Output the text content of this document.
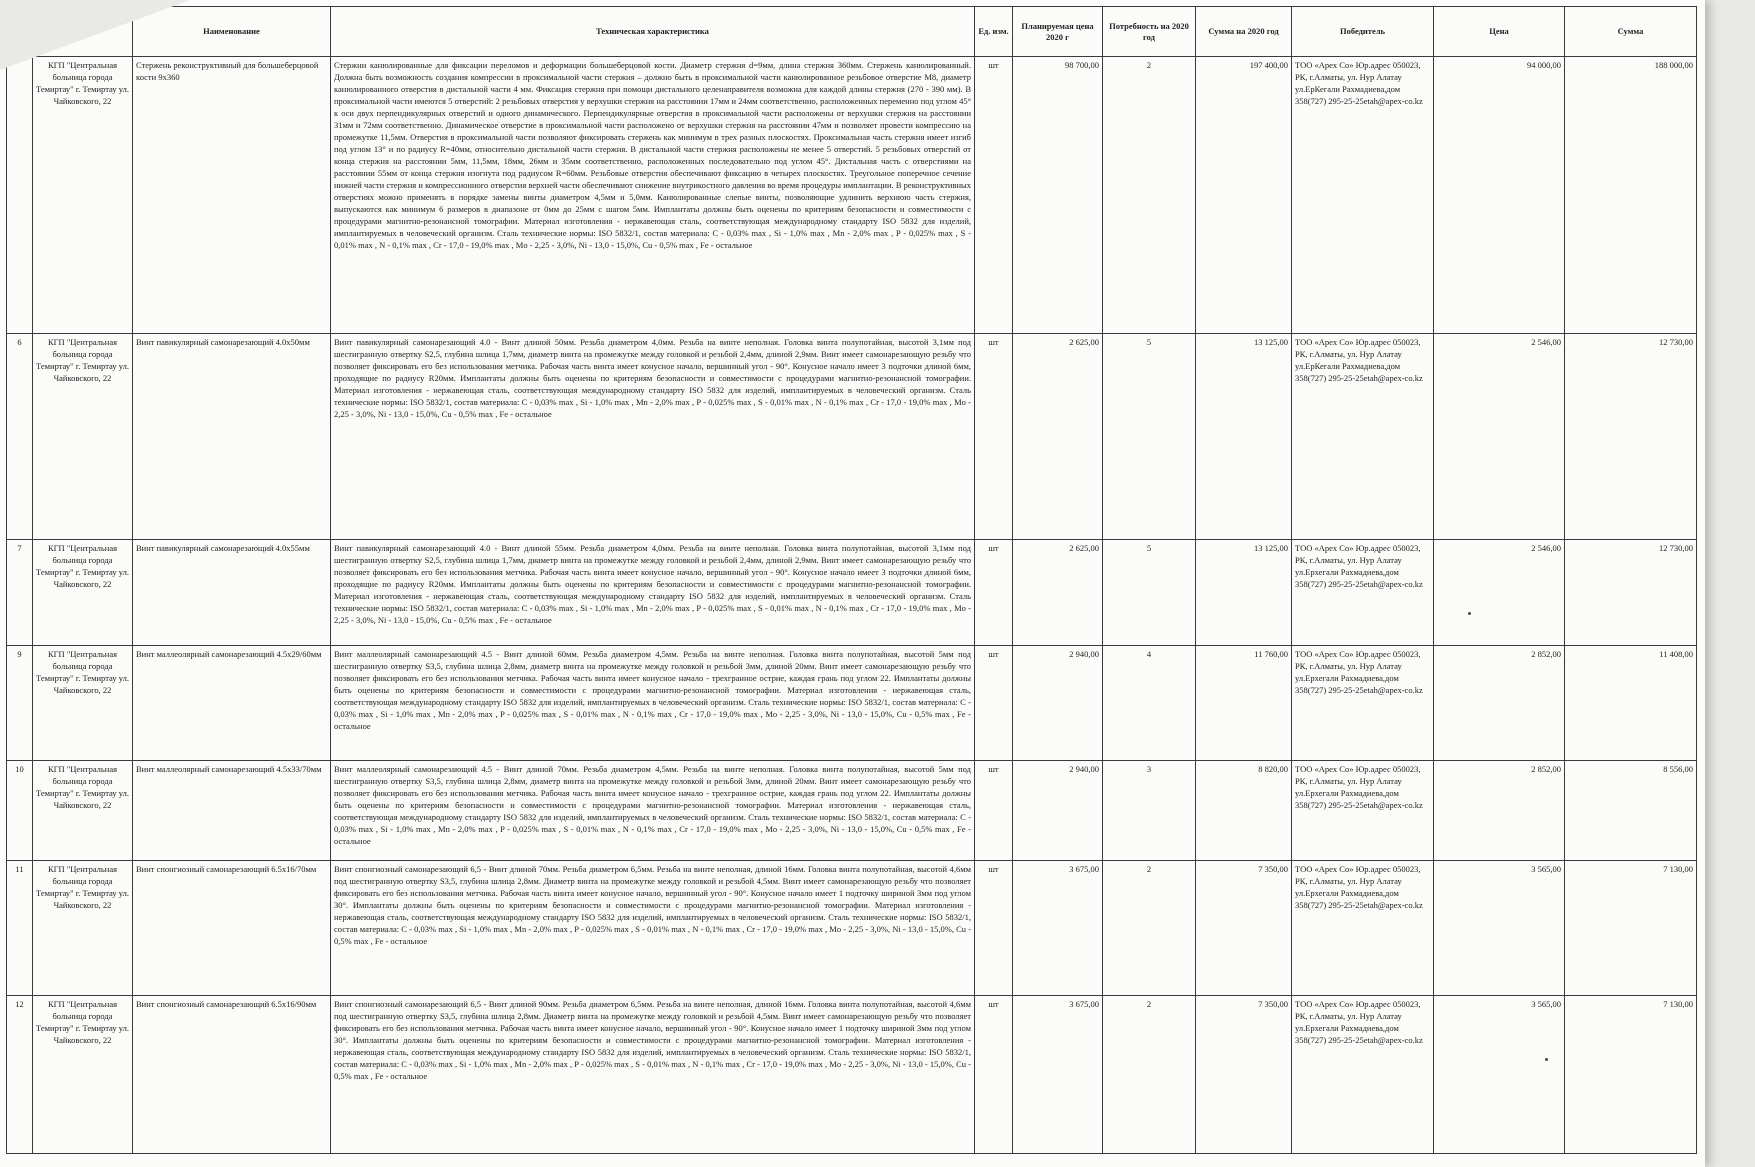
		Наименование	Техническая характеристика	Ед. изм.	Планируемая цена 2020 г	Потребность на 2020 год	Сумма на 2020 год	Победитель	Цена	Сумма
	КГП "Центральная больница города Темиртау" г. Темиртау ул. Чайковского, 22	Стержень реконструктивный для большеберцовой кости 9х360	Стержни канюлированные для фиксации переломов и деформации большеберцовой кости. Диаметр стержня d=9мм, длина стержня 360мм. Стержень канюлированный. Должна быть возможность создания компрессии в проксимальной части стержня – должно быть в проксимальной части канюлированное резьбовое отверстие М8, диаметр канюлированного отверстия в дистальной части 4 мм. Фиксация стержня при помощи дистального целенаправителя возможна для каждой длины стержня (270 - 390 мм). В проксимальной части имеются 5 отверстий: 2 резьбовых отверстия у верхушки стержня на расстоянии 17мм и 24мм соответственно, расположенных переменно под углом 45° к оси двух перпендикулярных отверстий и одного динамического. Перпендикулярные отверстия в проксимальной части расположены от верхушки стержня на расстоянии 31мм и 72мм соответственно. Динамическое отверстие в проксимальной части расположено от верхушки стержня на расстоянии 47мм и позволяет провести компрессию на промежутке 11,5мм. Отверстия в проксимальной части позволяют фиксировать стержень как минимум в трех разных плоскостях. Проксимальная часть стержня имеет изгиб под углом 13° и по радиусу R=40мм, относительно дистальной части стержня. В дистальной части стержня расположены не менее 5 отверстий. 5 резьбовых отверстий от конца стержня на расстоянии 5мм, 11,5мм, 18мм, 26мм и 35мм соответственно, расположенных последовательно под углом 45°. Дистальная часть с отверстиями на расстоянии 55мм от конца стержня изогнута под радиусом R=60мм. Резьбовые отверстия обеспечивают фиксацию в четырех плоскостях. Треугольное поперечное сечение нижней части стержня и компрессионного отверстия верхней части обеспечивают снижение внутрикостного давления во время процедуры имплантации. В реконструктивных отверстиях можно применять в порядке замены винты диаметром 4,5мм и 5,0мм. Канюлированные слепые винты, позволяющие удлинить верхнюю часть стержня, выпускаются как минимум 6 размеров в диапазоне от 0мм до 25мм с шагом 5мм. Имплантаты должны быть оценены по критериям безопасности и совместимости с процедурами магнитно-резонансной томографии. Материал изготовления - нержавеющая сталь, соответствующая международному стандарту ISO 5832 для изделий, имплантируемых в человеческий организм. Сталь технические нормы: ISO 5832/1, состав материала: С - 0,03% max , Si - 1,0% max , Mn - 2,0% max , P - 0,025% max , S - 0,01% max , N - 0,1% max , Cr - 17,0 - 19,0% max , Mo - 2,25 - 3,0%, Ni - 13,0 - 15,0%, Cu - 0,5% max , Fe - остальное	шт	98 700,00	2	197 400,00	ТОО «Apex Co» Юр.адрес 050023, РК, г.Алматы, ул. Нур Алатау ул.ЕрКегали Рахмадиева,дом 358(727) 295-25-25etah@apex-co.kz	94 000,00	188 000,00
6	КГП "Центральная больница города Темиртау" г. Темиртау ул. Чайковского, 22	Винт павикулярный самонарезающий 4.0х50мм	Винт павикулярный самонарезающий 4.0 - Винт длиной 50мм. Резьба диаметром 4,0мм. Резьба на винте неполная. Головка винта полупотайная, высотой 3,1мм под шестигранную отвертку S2,5, глубина шлица 1,7мм, диаметр винта на промежутке между головкой и резьбой 2,4мм, длиной 2,9мм. Винт имеет самонарезающую резьбу что позволяет фиксировать его без использования метчика. Рабочая часть винта имеет конусное начало, вершинный угол - 90°. Конусное начало имеет 3 подточки длиной 6мм, проходящие по радиусу R20мм. Имплантаты должны быть оценены по критериям безопасности и совместимости с процедурами магнитно-резонансной томографии. Материал изготовления - нержавеющая сталь, соответствующая международному стандарту ISO 5832 для изделий, имплантируемых в человеческий организм. Сталь технические нормы: ISO 5832/1, состав материала: С - 0,03% max , Si - 1,0% max , Mn - 2,0% max , P - 0,025% max , S - 0,01% max , N - 0,1% max , Cr - 17,0 - 19,0% max , Mo - 2,25 - 3,0%, Ni - 13,0 - 15,0%, Cu - 0,5% max , Fe - остальное	шт	2 625,00	5	13 125,00	ТОО «Apex Co» Юр.адрес 050023, РК, г.Алматы, ул. Нур Алатау ул.ЕрКегали Рахмадиева,дом 358(727) 295-25-25etah@apex-co.kz	2 546,00	12 730,00
7	КГП "Центральная больница города Темиртау" г. Темиртау ул. Чайковского, 22	Винт павикулярный самонарезающий 4.0х55мм	Винт павикулярный самонарезающий 4.0 - Винт длиной 55мм. Резьба диаметром 4,0мм. Резьба на винте неполная. Головка винта полупотайная, высотой 3,1мм под шестигранную отвертку S2,5, глубина шлица 1,7мм, диаметр винта на промежутке между головкой и резьбой 2,4мм, длиной 2,9мм. Винт имеет самонарезающую резьбу что позволяет фиксировать его без использования метчика. Рабочая часть винта имеет конусное начало, вершинный угол - 90°. Конусное начало имеет 3 подточки длиной 6мм, проходящие по радиусу R20мм. Имплантаты должны быть оценены по критериям безопасности и совместимости с процедурами магнитно-резонансной томографии. Материал изготовления - нержавеющая сталь, соответствующая международному стандарту ISO 5832 для изделий, имплантируемых в человеческий организм. Сталь технические нормы: ISO 5832/1, состав материала: С - 0,03% max , Si - 1,0% max , Mn - 2,0% max , P - 0,025% max , S - 0,01% max , N - 0,1% max , Cr - 17,0 - 19,0% max , Mo - 2,25 - 3,0%, Ni - 13,0 - 15,0%, Cu - 0,5% max , Fe - остальное	шт	2 625,00	5	13 125,00	ТОО «Apex Co» Юр.адрес 050023, РК, г.Алматы, ул. Нур Алатау ул.Ерхегали Рахмадиева,дом 358(727) 295-25-25etah@apex-co.kz	2 546,00	12 730,00
9	КГП "Центральная больница города Темиртау" г. Темиртау ул. Чайковского, 22	Винт маллеолярный самонарезающий 4.5х29/60мм	Винт маллеолярный самонарезающий 4.5 - Винт длиной 60мм. Резьба диаметром 4,5мм. Резьба на винте неполная. Головка винта полупотайная, высотой 5мм под шестигранную отвертку S3,5, глубина шлица 2,8мм, диаметр винта на промежутке между головкой и резьбой 3мм, длиной 20мм. Винт имеет самонарезающую резьбу что позволяет фиксировать его без использования метчика. Рабочая часть винта имеет конусное начало - трехгранное острие, каждая грань под углом 22. Имплантаты должны быть оценены по критериям безопасности и совместимости с процедурами магнитно-резонансной томографии. Материал изготовления - нержавеющая сталь, соответствующая международному стандарту ISO 5832 для изделий, имплантируемых в человеческий организм. Сталь технические нормы: ISO 5832/1, состав материала: С - 0,03% max , Si - 1,0% max , Mn - 2,0% max , P - 0,025% max , S - 0,01% max , N - 0,1% max , Cr - 17,0 - 19,0% max , Mo - 2,25 - 3,0%, Ni - 13,0 - 15,0%, Cu - 0,5% max , Fe - остальное	шт	2 940,00	4	11 760,00	ТОО «Apex Co» Юр.адрес 050023, РК, г.Алматы, ул. Нур Алатау ул.Ерхегали Рахмадиева,дом 358(727) 295-25-25etah@apex-co.kz	2 852,00	11 408,00
10	КГП "Центральная больница города Темиртау" г. Темиртау ул. Чайковского, 22	Винт маллеолярный самонарезающий 4.5х33/70мм	Винт маллеолярный самонарезающий 4.5 - Винт длиной 70мм. Резьба диаметром 4,5мм. Резьба на винте неполная. Головка винта полупотайная, высотой 5мм под шестигранную отвертку S3,5, глубина шлица 2,8мм, диаметр винта на промежутке между головкой и резьбой 3мм, длиной 20мм. Винт имеет самонарезающую резьбу что позволяет фиксировать его без использования метчика. Рабочая часть винта имеет конусное начало - трехгранное острие, каждая грань под углом 22. Имплантаты должны быть оценены по критериям безопасности и совместимости с процедурами магнитно-резонансной томографии. Материал изготовления - нержавеющая сталь, соответствующая международному стандарту ISO 5832 для изделий, имплантируемых в человеческий организм. Сталь технические нормы: ISO 5832/1, состав материала: С - 0,03% max , Si - 1,0% max , Mn - 2,0% max , P - 0,025% max , S - 0,01% max , N - 0,1% max , Cr - 17,0 - 19,0% max , Mo - 2,25 - 3,0%, Ni - 13,0 - 15,0%, Cu - 0,5% max , Fe - остальное	шт	2 940,00	3	8 820,00	ТОО «Apex Co» Юр.адрес 050023, РК, г.Алматы, ул. Нур Алатау ул.Ерхегали Рахмадиева,дом 358(727) 295-25-25etah@apex-co.kz	2 852,00	8 556,00
11	КГП "Центральная больница города Темиртау" г. Темиртау ул. Чайковского, 22	Винт спонгиозный самонарезающий 6.5х16/70мм	Винт спонгиозный самонарезающий 6,5 - Винт длиной 70мм. Резьба диаметром 6,5мм. Резьба на винте неполная, длиной 16мм. Головка винта полупотайная, высотой 4,6мм под шестигранную отвертку S3,5, глубина шлица 2,8мм. Диаметр винта на промежутке между головкой и резьбой 4,5мм. Винт имеет самонарезающую резьбу что позволяет фиксировать его без использования метчика. Рабочая часть винта имеет конусное начало, вершинный угол - 90°. Конусное начало имеет 1 подточку шириной 3мм под углом 30°. Имплантаты должны быть оценены по критериям безопасности и совместимости с процедурами магнитно-резонансной томографии. Материал изготовления - нержавеющая сталь, соответствующая международному стандарту ISO 5832 для изделий, имплантируемых в человеческий организм. Сталь технические нормы: ISO 5832/1, состав материала: С - 0,03% max , Si - 1,0% max , Mn - 2,0% max , P - 0,025% max , S - 0,01% max , N - 0,1% max , Cr - 17,0 - 19,0% max , Mo - 2,25 - 3,0%, Ni - 13,0 - 15,0%, Cu - 0,5% max , Fe - остальное	шт	3 675,00	2	7 350,00	ТОО «Apex Co» Юр.адрес 050023, РК, г.Алматы, ул. Нур Алатау ул.Ерхегали Рахмадиева,дом 358(727) 295-25-25etah@apex-co.kz	3 565,00	7 130,00
12	КГП "Центральная больница города Темиртау" г. Темиртау ул. Чайковского, 22	Винт спонгиозный самонарезающий 6.5х16/90мм	Винт спонгиозный самонарезающий 6,5 - Винт длиной 90мм. Резьба диаметром 6,5мм. Резьба на винте неполная, длиной 16мм. Головка винта полупотайная, высотой 4,6мм под шестигранную отвертку S3,5, глубина шлица 2,8мм. Диаметр винта на промежутке между головкой и резьбой 4,5мм. Винт имеет самонарезающую резьбу что позволяет фиксировать его без использования метчика. Рабочая часть винта имеет конусное начало, вершинный угол - 90°. Конусное начало имеет 1 подточку шириной 3мм под углом 30°. Имплантаты должны быть оценены по критериям безопасности и совместимости с процедурами магнитно-резонансной томографии. Материал изготовления - нержавеющая сталь, соответствующая международному стандарту ISO 5832 для изделий, имплантируемых в человеческий организм. Сталь технические нормы: ISO 5832/1, состав материала: С - 0,03% max , Si - 1,0% max , Mn - 2,0% max , P - 0,025% max , S - 0,01% max , N - 0,1% max , Cr - 17,0 - 19,0% max , Mo - 2,25 - 3,0%, Ni - 13,0 - 15,0%, Cu - 0,5% max , Fe - остальное	шт	3 675,00	2	7 350,00	ТОО «Apex Co» Юр.адрес 050023, РК, г.Алматы, ул. Нур Алатау ул.Ерхегали Рахмадиева,дом 358(727) 295-25-25etah@apex-co.kz	3 565,00	7 130,00
